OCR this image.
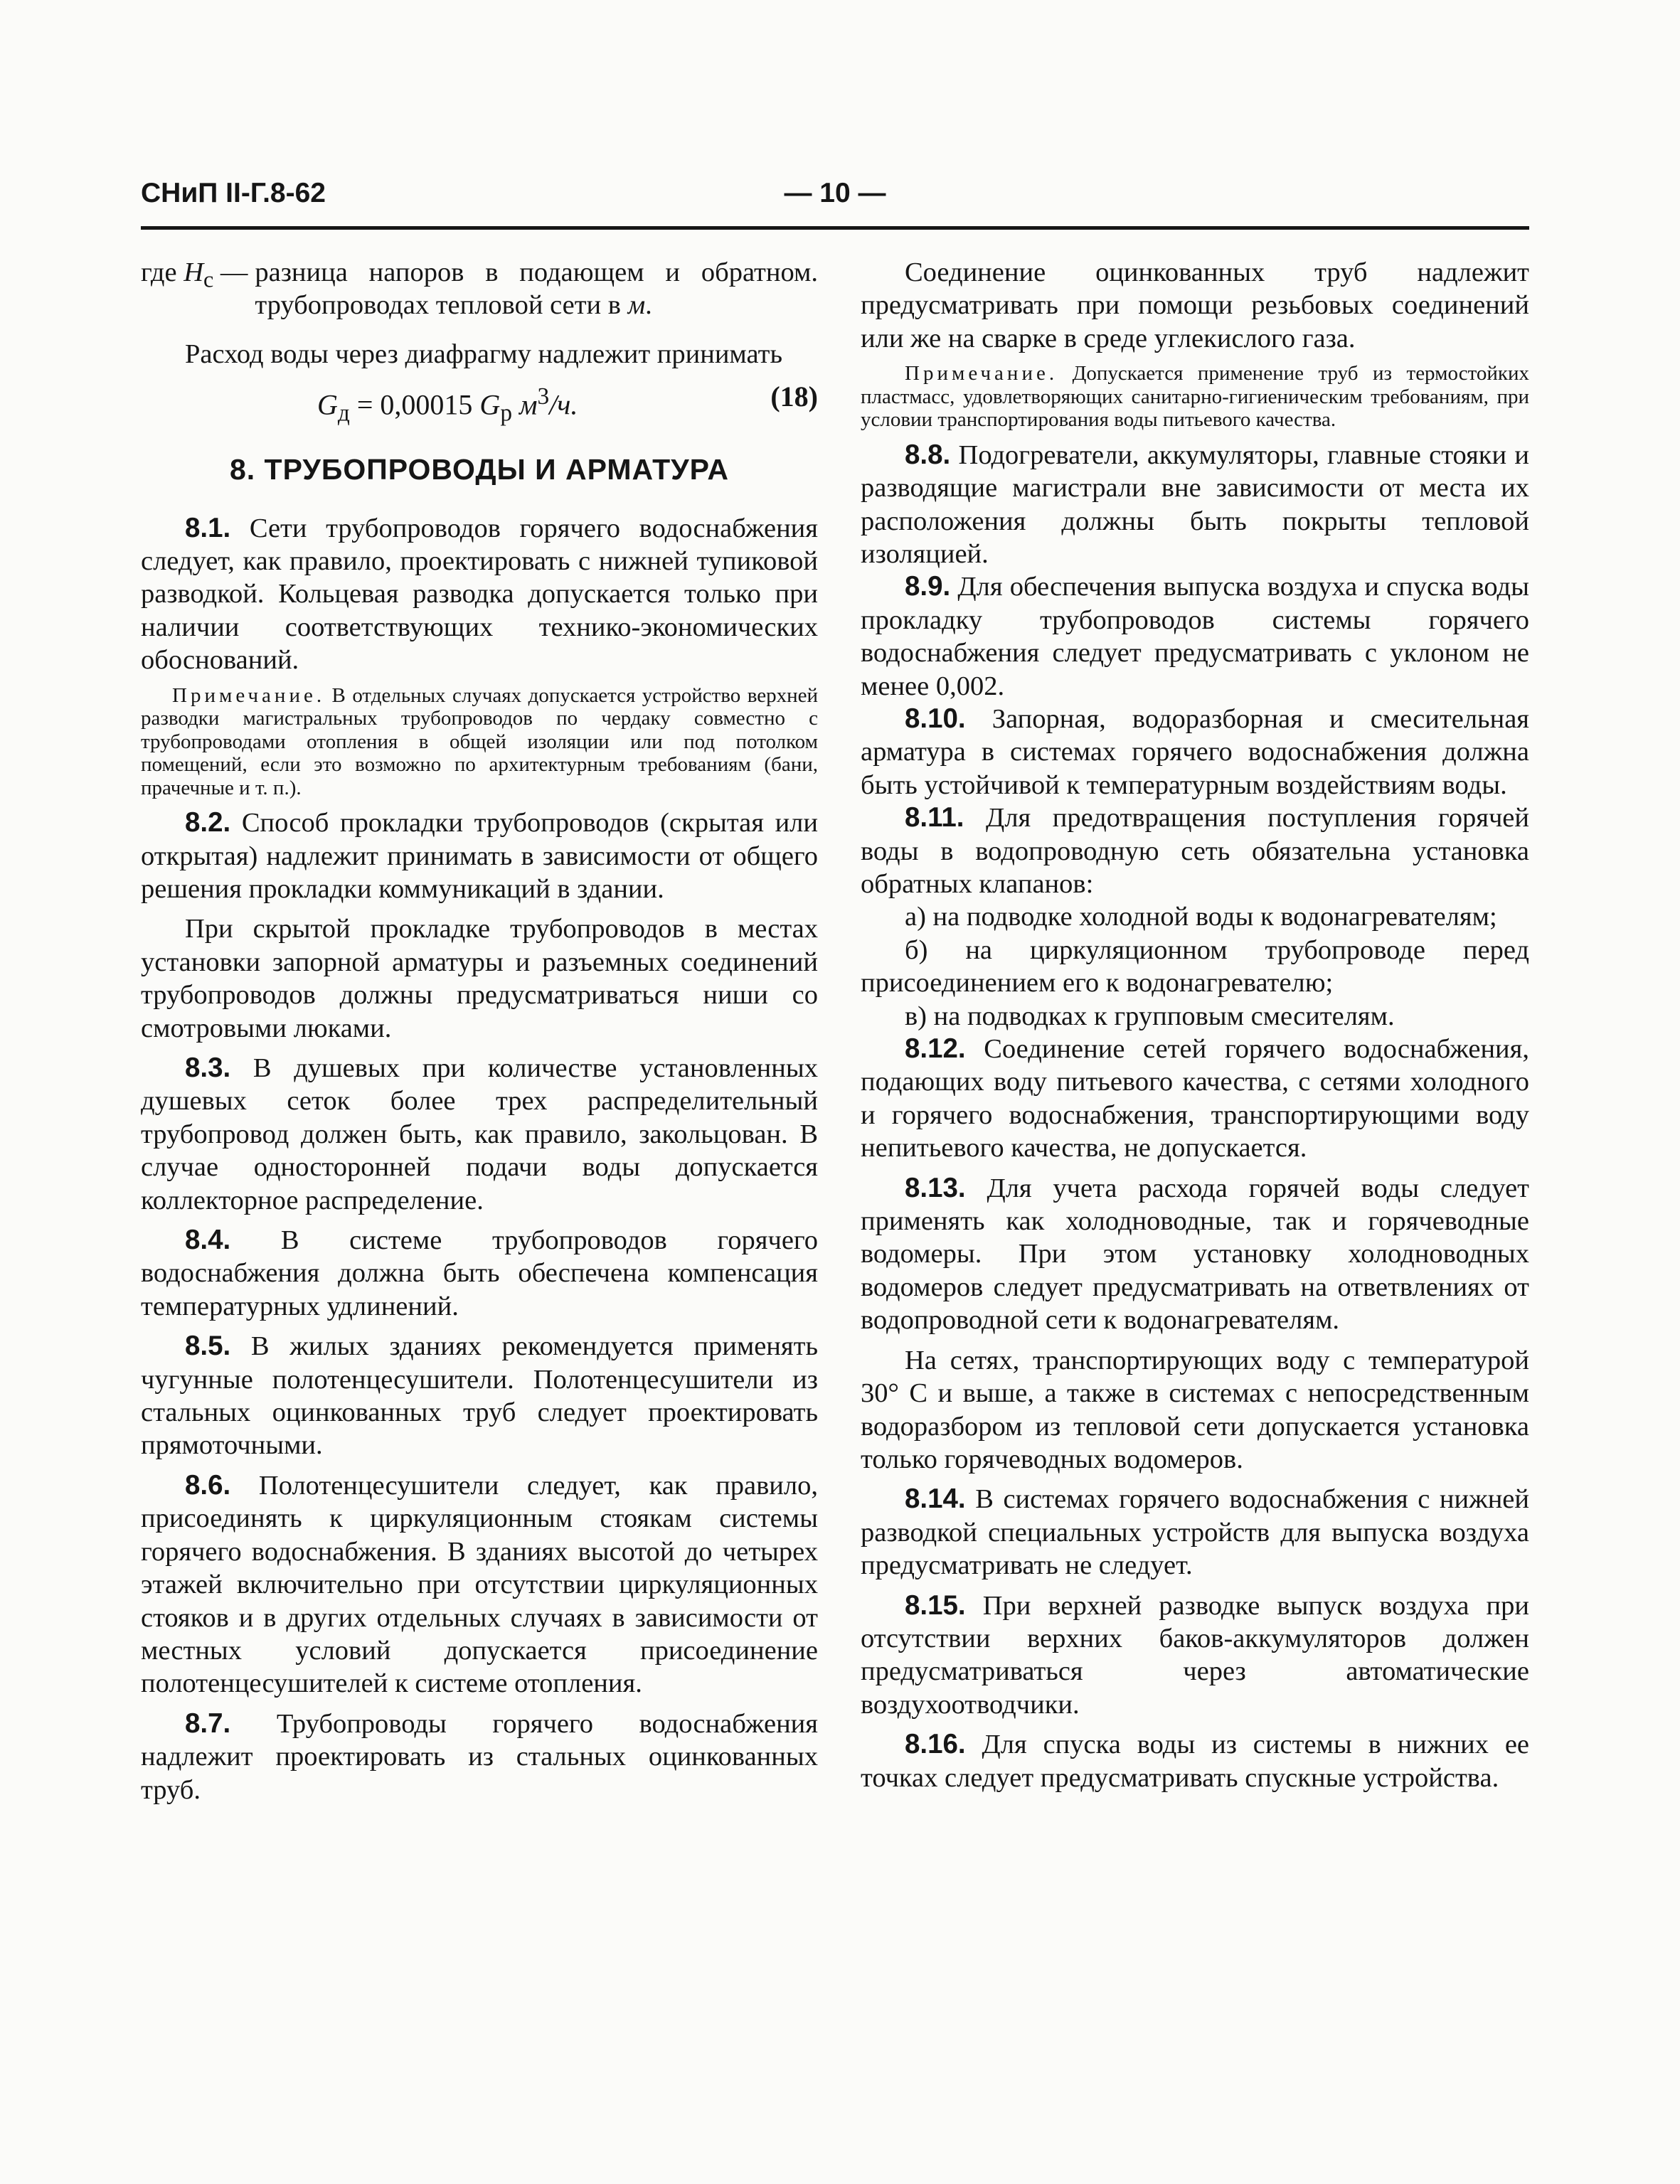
— 10 —
СНиП II-Г.8-62
где $H_с$ — разница напоров в подающем и обратном. трубопроводах тепловой сети в м.

Расход воды через диафрагму надлежит принимать

$G_д = 0,00015$ $G_р$ $м^3/ч$.	(18)
8. ТРУБОПРОВОДЫ И АРМАТУРА

8.1. Сети трубопроводов горячего водоснабжения следует, как правило, проектировать с нижней тупиковой разводкой. Кольцевая разводка допускается только при наличии соответствующих технико-экономических обоснований.

Примечание. В отдельных случаях допускается устройство верхней разводки магистральных трубопроводов по чердаку совместно с трубопроводами отопления в общей изоляции или под потолком помещений, если это возможно по архитектурным требованиям (бани, прачечные и т. п.).

8.2. Способ прокладки трубопроводов (скрытая или открытая) надлежит принимать в зависимости от общего решения прокладки коммуникаций в здании.

При скрытой прокладке трубопроводов в местах установки запорной арматуры и разъемных соединений трубопроводов должны предусматриваться ниши со смотровыми люками.

8.3. В душевых при количестве установленных душевых сеток более трех распределительный трубопровод должен быть, как правило, закольцован. В случае односторонней подачи воды допускается коллекторное распределение.

8.4. В системе трубопроводов горячего водоснабжения должна быть обеспечена компенсация температурных удлинений.

8.5. В жилых зданиях рекомендуется применять чугунные полотенцесушители. Полотенцесушители из стальных оцинкованных труб следует проектировать прямоточными.

8.6. Полотенцесушители следует, как правило, присоединять к циркуляционным стоякам системы горячего водоснабжения. В зданиях высотой до четырех этажей включительно при отсутствии циркуляционных стояков и в других отдельных случаях в зависимости от местных условий допускается присоединение полотенцесушителей к системе отопления.

8.7. Трубопроводы горячего водоснабжения надлежит проектировать из стальных оцинкованных труб.

Соединение оцинкованных труб надлежит предусматривать при помощи резьбовых соединений или же на сварке в среде углекислого газа.

Примечание. Допускается применение труб из термостойких пластмасс, удовлетворяющих санитарно-гигиеническим требованиям, при условии транспортирования воды питьевого качества.

8.8. Подогреватели, аккумуляторы, главные стояки и разводящие магистрали вне зависимости от места их расположения должны быть покрыты тепловой изоляцией.

8.9. Для обеспечения выпуска воздуха и спуска воды прокладку трубопроводов системы горячего водоснабжения следует предусматривать с уклоном не менее 0,002.

8.10. Запорная, водоразборная и смесительная арматура в системах горячего водоснабжения должна быть устойчивой к температурным воздействиям воды.

8.11. Для предотвращения поступления горячей воды в водопроводную сеть обязательна установка обратных клапанов:

а) на подводке холодной воды к водонагревателям;

б) на циркуляционном трубопроводе перед присоединением его к водонагревателю;

в) на подводках к групповым смесителям.

8.12. Соединение сетей горячего водоснабжения, подающих воду питьевого качества, с сетями холодного и горячего водоснабжения, транспортирующими воду непитьевого качества, не допускается.

8.13. Для учета расхода горячей воды следует применять как холодноводные, так и горячеводные водомеры. При этом установку холодноводных водомеров следует предусматривать на ответвлениях от водопроводной сети к водонагревателям.

На сетях, транспортирующих воду с температурой 30° С и выше, а также в системах с непосредственным водоразбором из тепловой сети допускается установка только горячеводных водомеров.

8.14. В системах горячего водоснабжения с нижней разводкой специальных устройств для выпуска воздуха предусматривать не следует.

8.15. При верхней разводке выпуск воздуха при отсутствии верхних баков-аккумуляторов должен предусматриваться через автоматические воздухоотводчики.

8.16. Для спуска воды из системы в нижних ее точках следует предусматривать спускные устройства.
